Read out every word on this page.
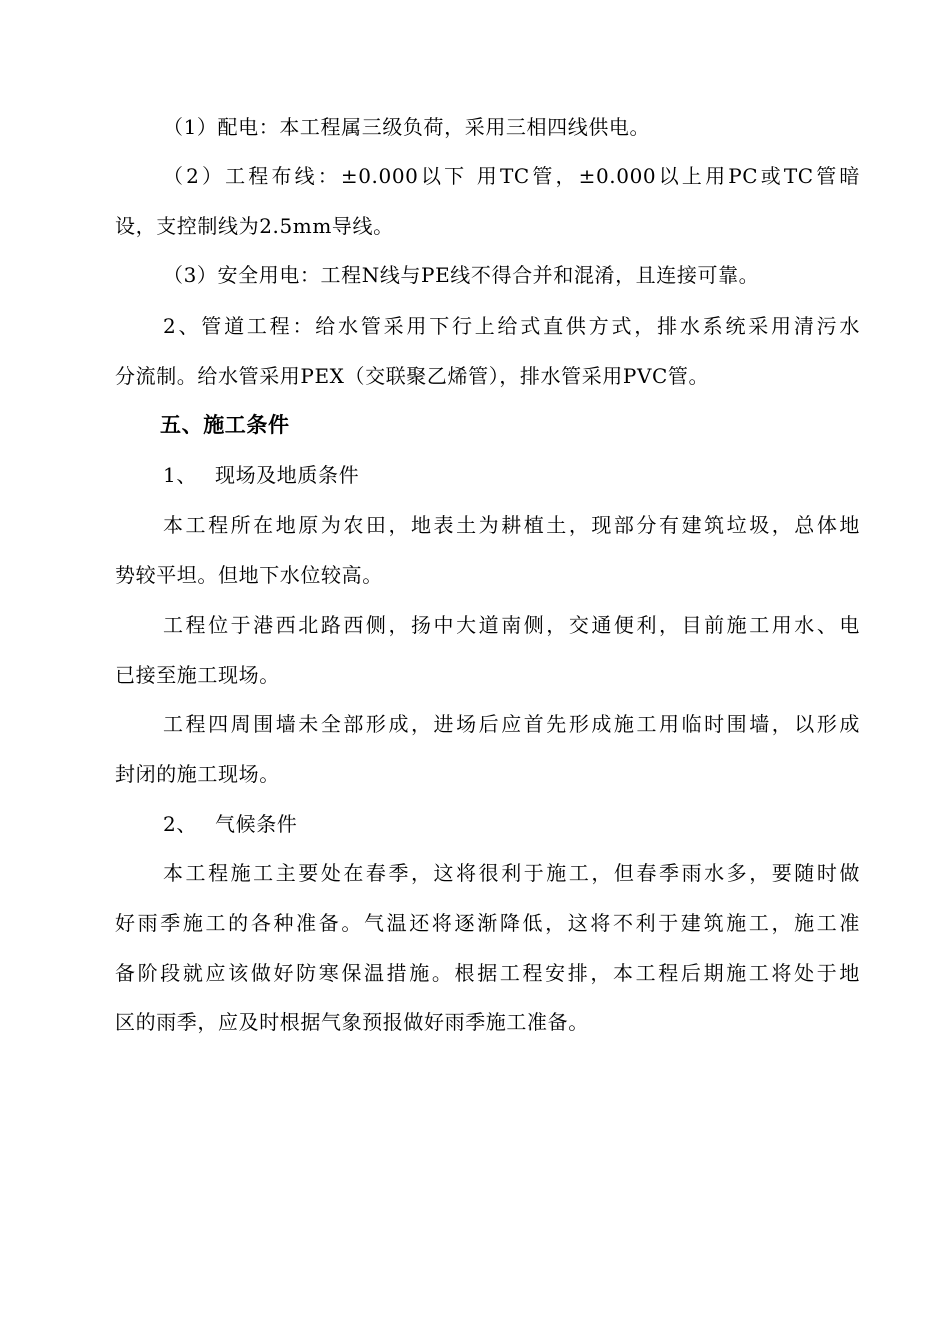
（1）配电：本工程属三级负荷，采用三相四线供电。
（2）工程布线：±0.000以下 用TC管，±0.000以上用PC或TC管暗
设，支控制线为2.5mm导线。
（3）安全用电：工程N线与PE线不得合并和混淆，且连接可靠。
2、管道工程：给水管采用下行上给式直供方式，排水系统采用清污水
分流制。给水管采用PEX（交联聚乙烯管），排水管采用PVC管。
五、施工条件
1、 现场及地质条件
本工程所在地原为农田，地表土为耕植土，现部分有建筑垃圾，总体地
势较平坦。但地下水位较高。
工程位于港西北路西侧，扬中大道南侧，交通便利，目前施工用水、电
已接至施工现场。
工程四周围墙未全部形成，进场后应首先形成施工用临时围墙，以形成
封闭的施工现场。
2、 气候条件
本工程施工主要处在春季，这将很利于施工，但春季雨水多，要随时做
好雨季施工的各种准备。气温还将逐渐降低，这将不利于建筑施工，施工准
备阶段就应该做好防寒保温措施。根据工程安排，本工程后期施工将处于地
区的雨季，应及时根据气象预报做好雨季施工准备。
